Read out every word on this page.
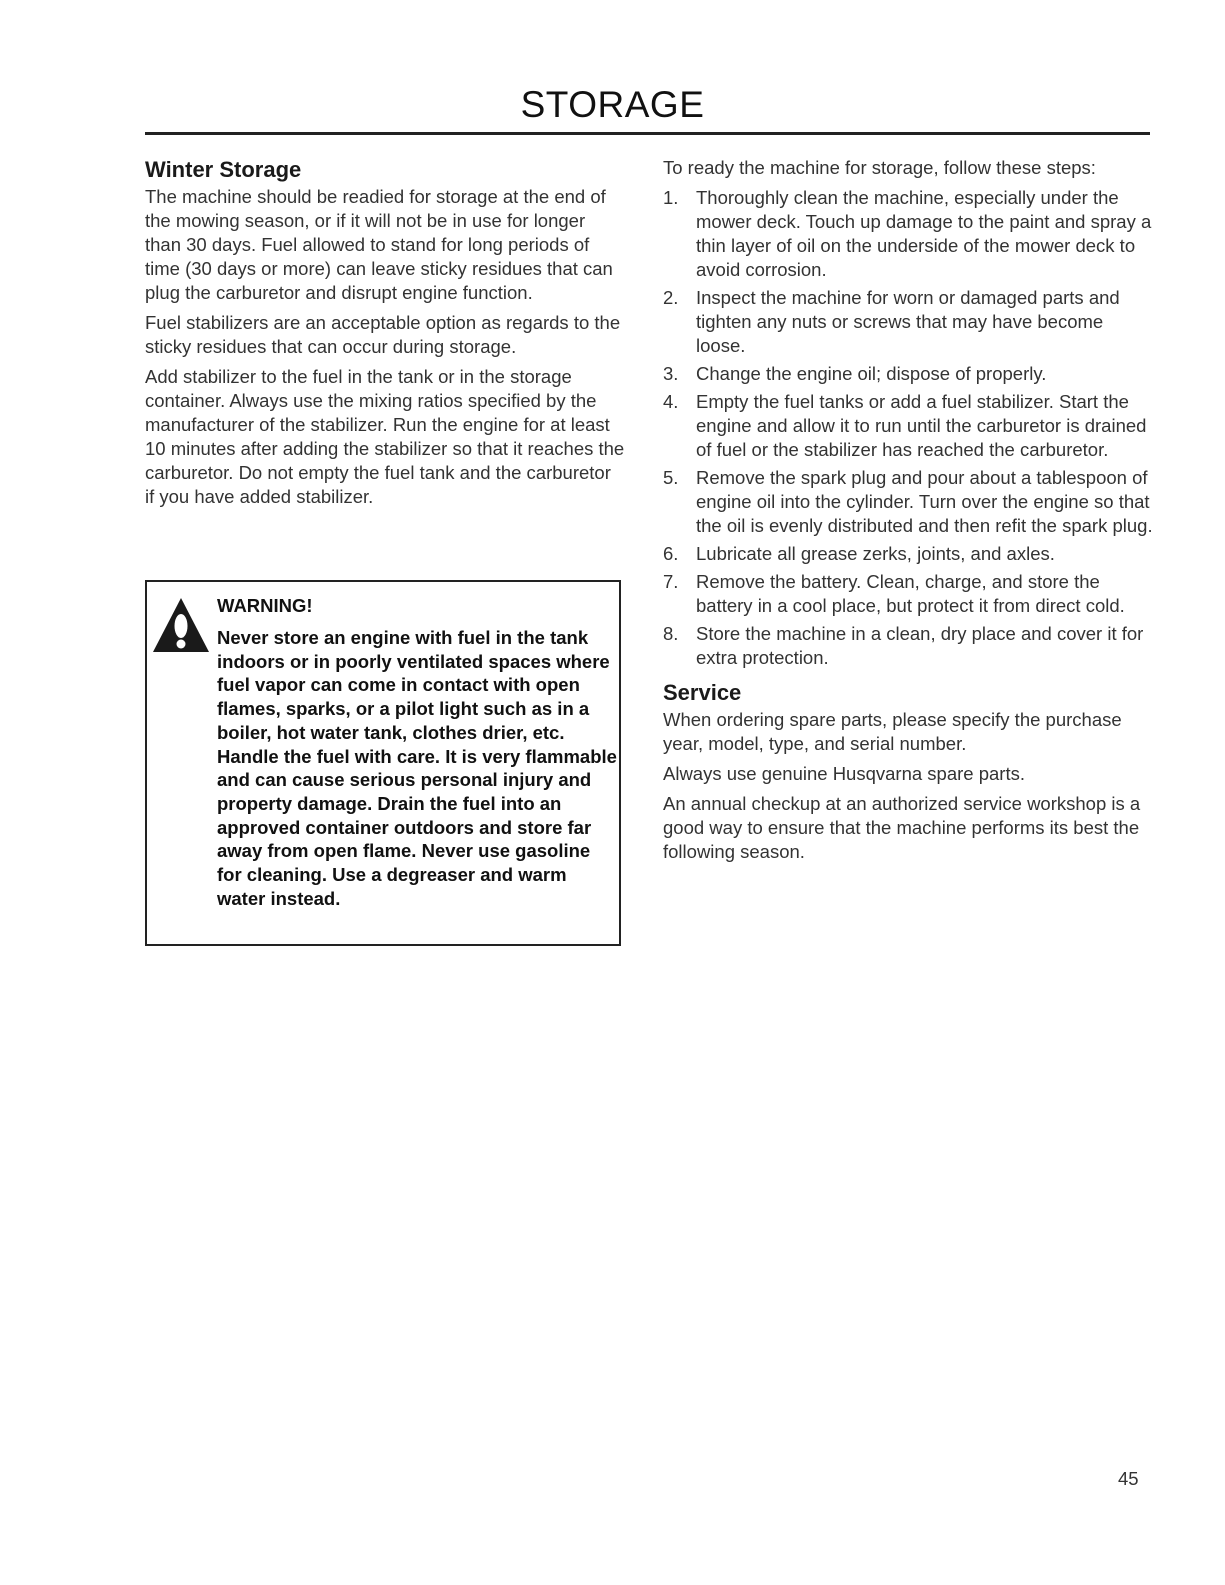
STORAGE
Winter Storage

The machine should be readied for storage at the end of the mowing season, or if it will not be in use for longer than 30 days. Fuel allowed to stand for long periods of time (30 days or more) can leave sticky residues that can plug the carburetor and disrupt engine function.

Fuel stabilizers are an acceptable option as regards to the sticky residues that can occur during storage.

Add stabilizer to the fuel in the tank or in the storage container. Always use the mixing ratios specified by the manufacturer of the stabilizer. Run the engine for at least 10 minutes after adding the stabilizer so that it reaches the carburetor. Do not empty the fuel tank and the carburetor if you have added stabilizer.

WARNING!

Never store an engine with fuel in the tank indoors or in poorly ventilated spaces where fuel vapor can come in contact with open flames, sparks, or a pilot light such as in a boiler, hot water tank, clothes drier, etc. Handle the fuel with care. It is very flammable and can cause serious personal injury and property damage. Drain the fuel into an approved container outdoors and store far away from open flame. Never use gasoline for cleaning. Use a degreaser and warm water instead.

To ready the machine for storage, follow these steps:

1. Thoroughly clean the machine, especially under the mower deck. Touch up damage to the paint and spray a thin layer of oil on the underside of the mower deck to avoid corrosion.
2. Inspect the machine for worn or damaged parts and tighten any nuts or screws that may have become loose.
3. Change the engine oil; dispose of properly.
4. Empty the fuel tanks or add a fuel stabilizer. Start the engine and allow it to run until the carburetor is drained of fuel or the stabilizer has reached the carburetor.
5. Remove the spark plug and pour about a tablespoon of engine oil into the cylinder. Turn over the engine so that the oil is evenly distributed and then refit the spark plug.
6. Lubricate all grease zerks, joints, and axles.
7. Remove the battery. Clean, charge, and store the battery in a cool place, but protect it from direct cold.
8. Store the machine in a clean, dry place and cover it for extra protection.
Service

When ordering spare parts, please specify the purchase year, model, type, and serial number.

Always use genuine Husqvarna spare parts.

An annual checkup at an authorized service workshop is a good way to ensure that the machine performs its best the following season.

45
